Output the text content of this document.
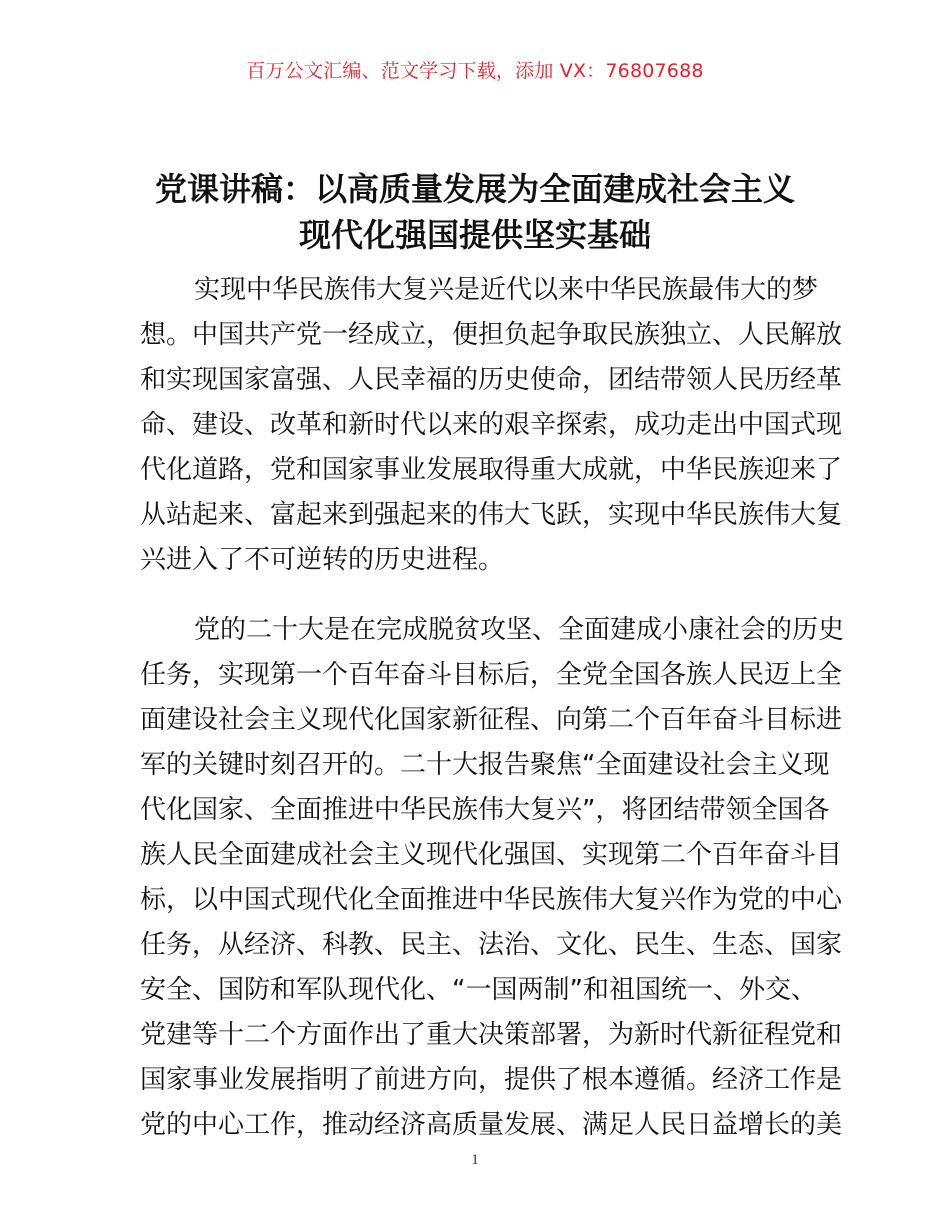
百万公文汇编、范文学习下载，添加 VX：76807688
党课讲稿：以高质量发展为全面建成社会主义
现代化强国提供坚实基础
实现中华民族伟大复兴是近代以来中华民族最伟大的梦
想。中国共产党一经成立，便担负起争取民族独立、人民解放
和实现国家富强、人民幸福的历史使命，团结带领人民历经革
命、建设、改革和新时代以来的艰辛探索，成功走出中国式现
代化道路，党和国家事业发展取得重大成就，中华民族迎来了
从站起来、富起来到强起来的伟大飞跃，实现中华民族伟大复
兴进入了不可逆转的历史进程。
党的二十大是在完成脱贫攻坚、全面建成小康社会的历史
任务，实现第一个百年奋斗目标后，全党全国各族人民迈上全
面建设社会主义现代化国家新征程、向第二个百年奋斗目标进
军的关键时刻召开的。二十大报告聚焦“全面建设社会主义现
代化国家、全面推进中华民族伟大复兴”，将团结带领全国各
族人民全面建成社会主义现代化强国、实现第二个百年奋斗目
标，以中国式现代化全面推进中华民族伟大复兴作为党的中心
任务，从经济、科教、民主、法治、文化、民生、生态、国家
安全、国防和军队现代化、“一国两制”和祖国统一、外交、
党建等十二个方面作出了重大决策部署，为新时代新征程党和
国家事业发展指明了前进方向，提供了根本遵循。经济工作是
党的中心工作，推动经济高质量发展、满足人民日益增长的美
1
